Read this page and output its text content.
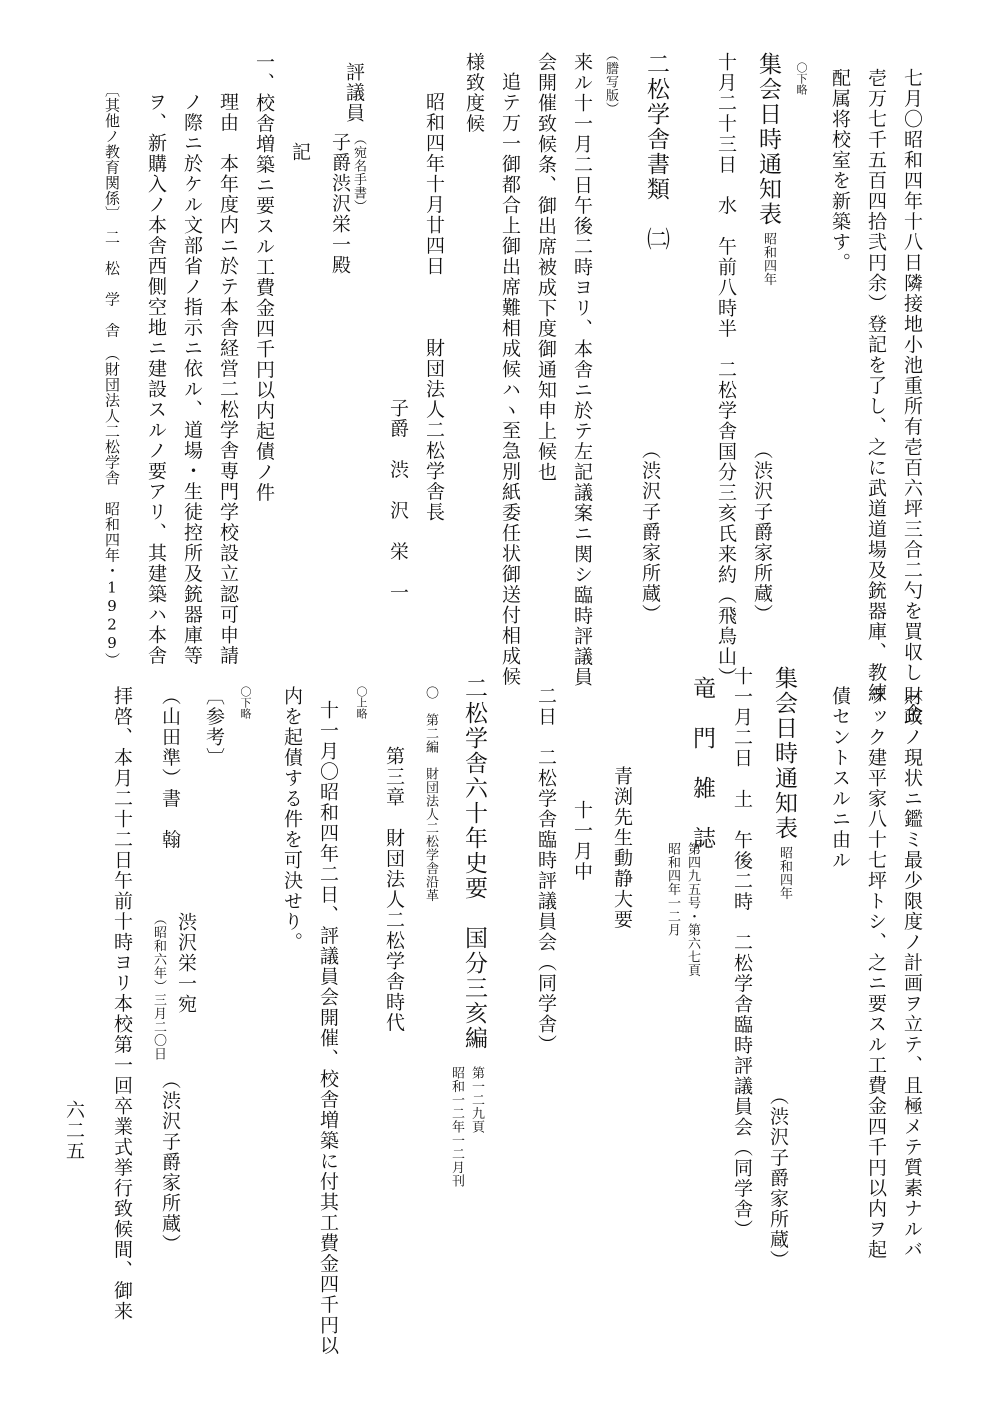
七月〇昭和四年十八日隣接地小池重所有壱百六坪三合二勺を買収し（金
壱万七千五百四拾弐円余）登記を了し、之に武道道場及銃器庫、教練
配属将校室を新築す。
〇下略
集会日時通知表
昭和四年
（渋沢子爵家所蔵）
十月二十三日　水　午前八時半　二松学舎国分三亥氏来約（飛鳥山）
二松学舎書類　㈡
（渋沢子爵家所蔵）
（謄写版）
来ル十一月二日午後二時ヨリ、本舎ニ於テ左記議案ニ関シ臨時評議員
会開催致候条、御出席被成下度御通知申上候也
追テ万一御都合上御出席難相成候ハヽ至急別紙委任状御送付相成候
様致度候
昭和四年十月廿四日
財団法人二松学舎長
子爵　渋　沢　栄　一
評議員
（宛名手書）
子爵渋沢栄一殿
記
一、校舎増築ニ要スル工費金四千円以内起債ノ件
理由　本年度内ニ於テ本舎経営二松学舎専門学校設立認可申請
ノ際ニ於ケル文部省ノ指示ニ依ル、道場・生徒控所及銃器庫等
ヲ、新購入ノ本舎西側空地ニ建設スルノ要アリ、其建築ハ本舎
〔其他ノ教育関係〕　二　松　学　舎　（財団法人二松学舎　昭和四年・1929）
財政ノ現状ニ鑑ミ最少限度ノ計画ヲ立テ、且極メテ質素ナルバ
ラック建平家八十七坪トシ、之ニ要スル工費金四千円以内ヲ起
債セントスルニ由ル
集会日時通知表
昭和四年
（渋沢子爵家所蔵）
十一月二日　土　午後二時　二松学舎臨時評議員会（同学舎）
竜　門　雑　誌
第四九五号・第六七頁
昭和四年一二月
青渕先生動静大要
十一月中
二日　二松学舎臨時評議員会（同学舎）
〇上略	二松学舎六十年史要　国分三亥編
第一二九頁
昭和一二年一二月刊
〇　第二編　財団法人二松学舎沿革
第三章　財団法人二松学舎時代
十一月〇昭和四年二日、評議員会開催、校舎増築に付其工費金四千円以
内を起債する件を可決せり。
〇下略
〔参考〕
（山田準）書　翰
渋沢栄一宛
（昭和六年）三月二〇日
（渋沢子爵家所蔵）
拝啓、本月二十二日午前十時ヨリ本校第一回卒業式挙行致候間、御来
六二五
